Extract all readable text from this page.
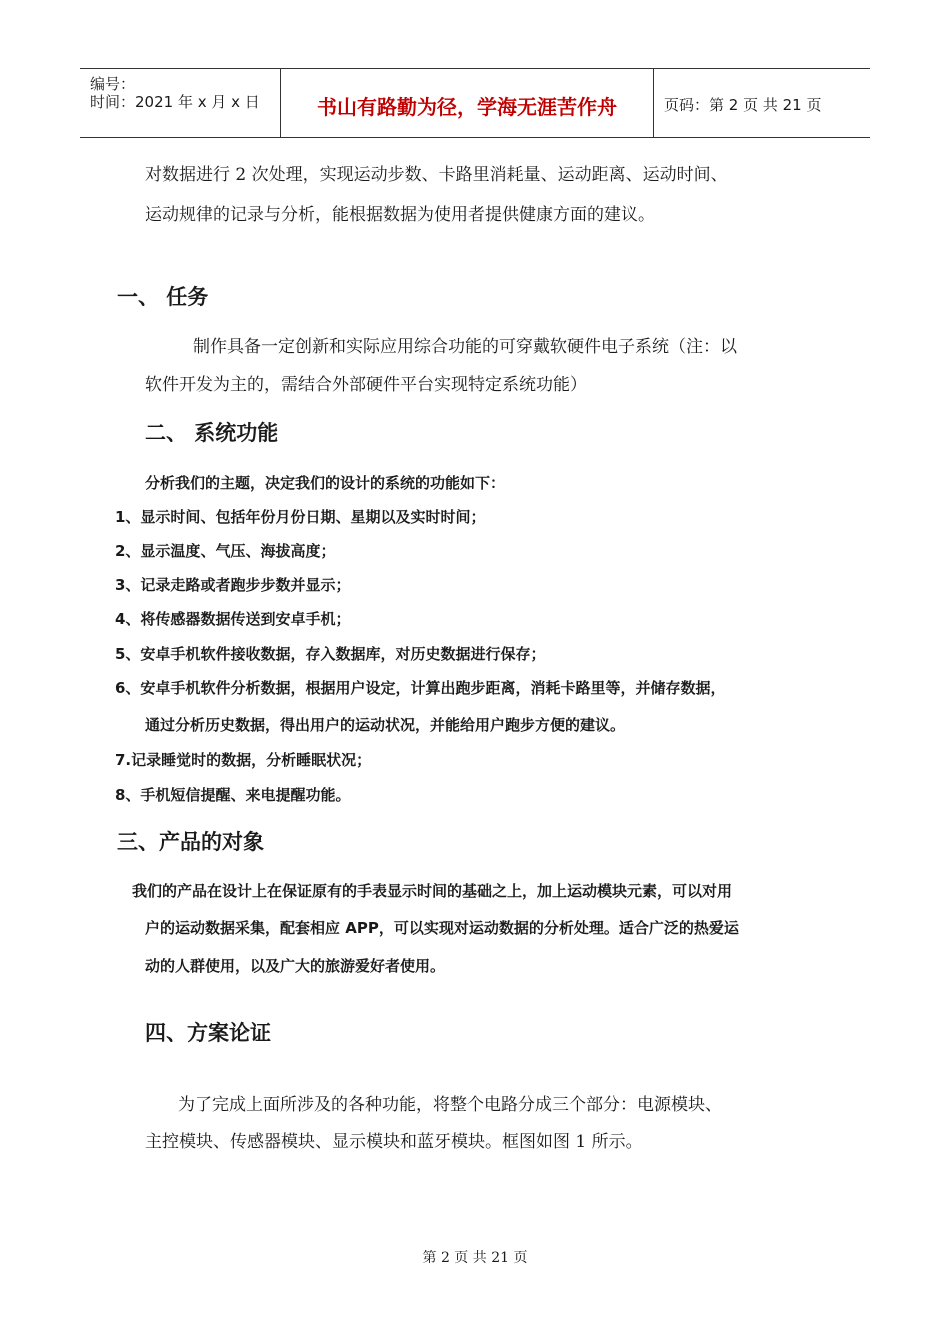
编号：
时间：2021 年 x 月 x 日	书山有路勤为径，学海无涯苦作舟	页码：第 2 页 共 21 页
对数据进行 2 次处理，实现运动步数、卡路里消耗量、运动距离、运动时间、
运动规律的记录与分析，能根据数据为使用者提供健康方面的建议。
一、 任务
制作具备一定创新和实际应用综合功能的可穿戴软硬件电子系统（注：以
软件开发为主的，需结合外部硬件平台实现特定系统功能）
二、 系统功能
分析我们的主题，决定我们的设计的系统的功能如下：
1、显示时间、包括年份月份日期、星期以及实时时间；
2、显示温度、气压、海拔高度；
3、记录走路或者跑步步数并显示；
4、将传感器数据传送到安卓手机；
5、安卓手机软件接收数据，存入数据库，对历史数据进行保存；
6、安卓手机软件分析数据，根据用户设定，计算出跑步距离，消耗卡路里等，并储存数据，
通过分析历史数据，得出用户的运动状况，并能给用户跑步方便的建议。
7.记录睡觉时的数据，分析睡眠状况；
8、手机短信提醒、来电提醒功能。
三、产品的对象
我们的产品在设计上在保证原有的手表显示时间的基础之上，加上运动模块元素，可以对用
户的运动数据采集，配套相应 APP，可以实现对运动数据的分析处理。适合广泛的热爱运
动的人群使用，以及广大的旅游爱好者使用。
四、方案论证
为了完成上面所涉及的各种功能，将整个电路分成三个部分：电源模块、
主控模块、传感器模块、显示模块和蓝牙模块。框图如图 1 所示。
第 2 页 共 21 页
